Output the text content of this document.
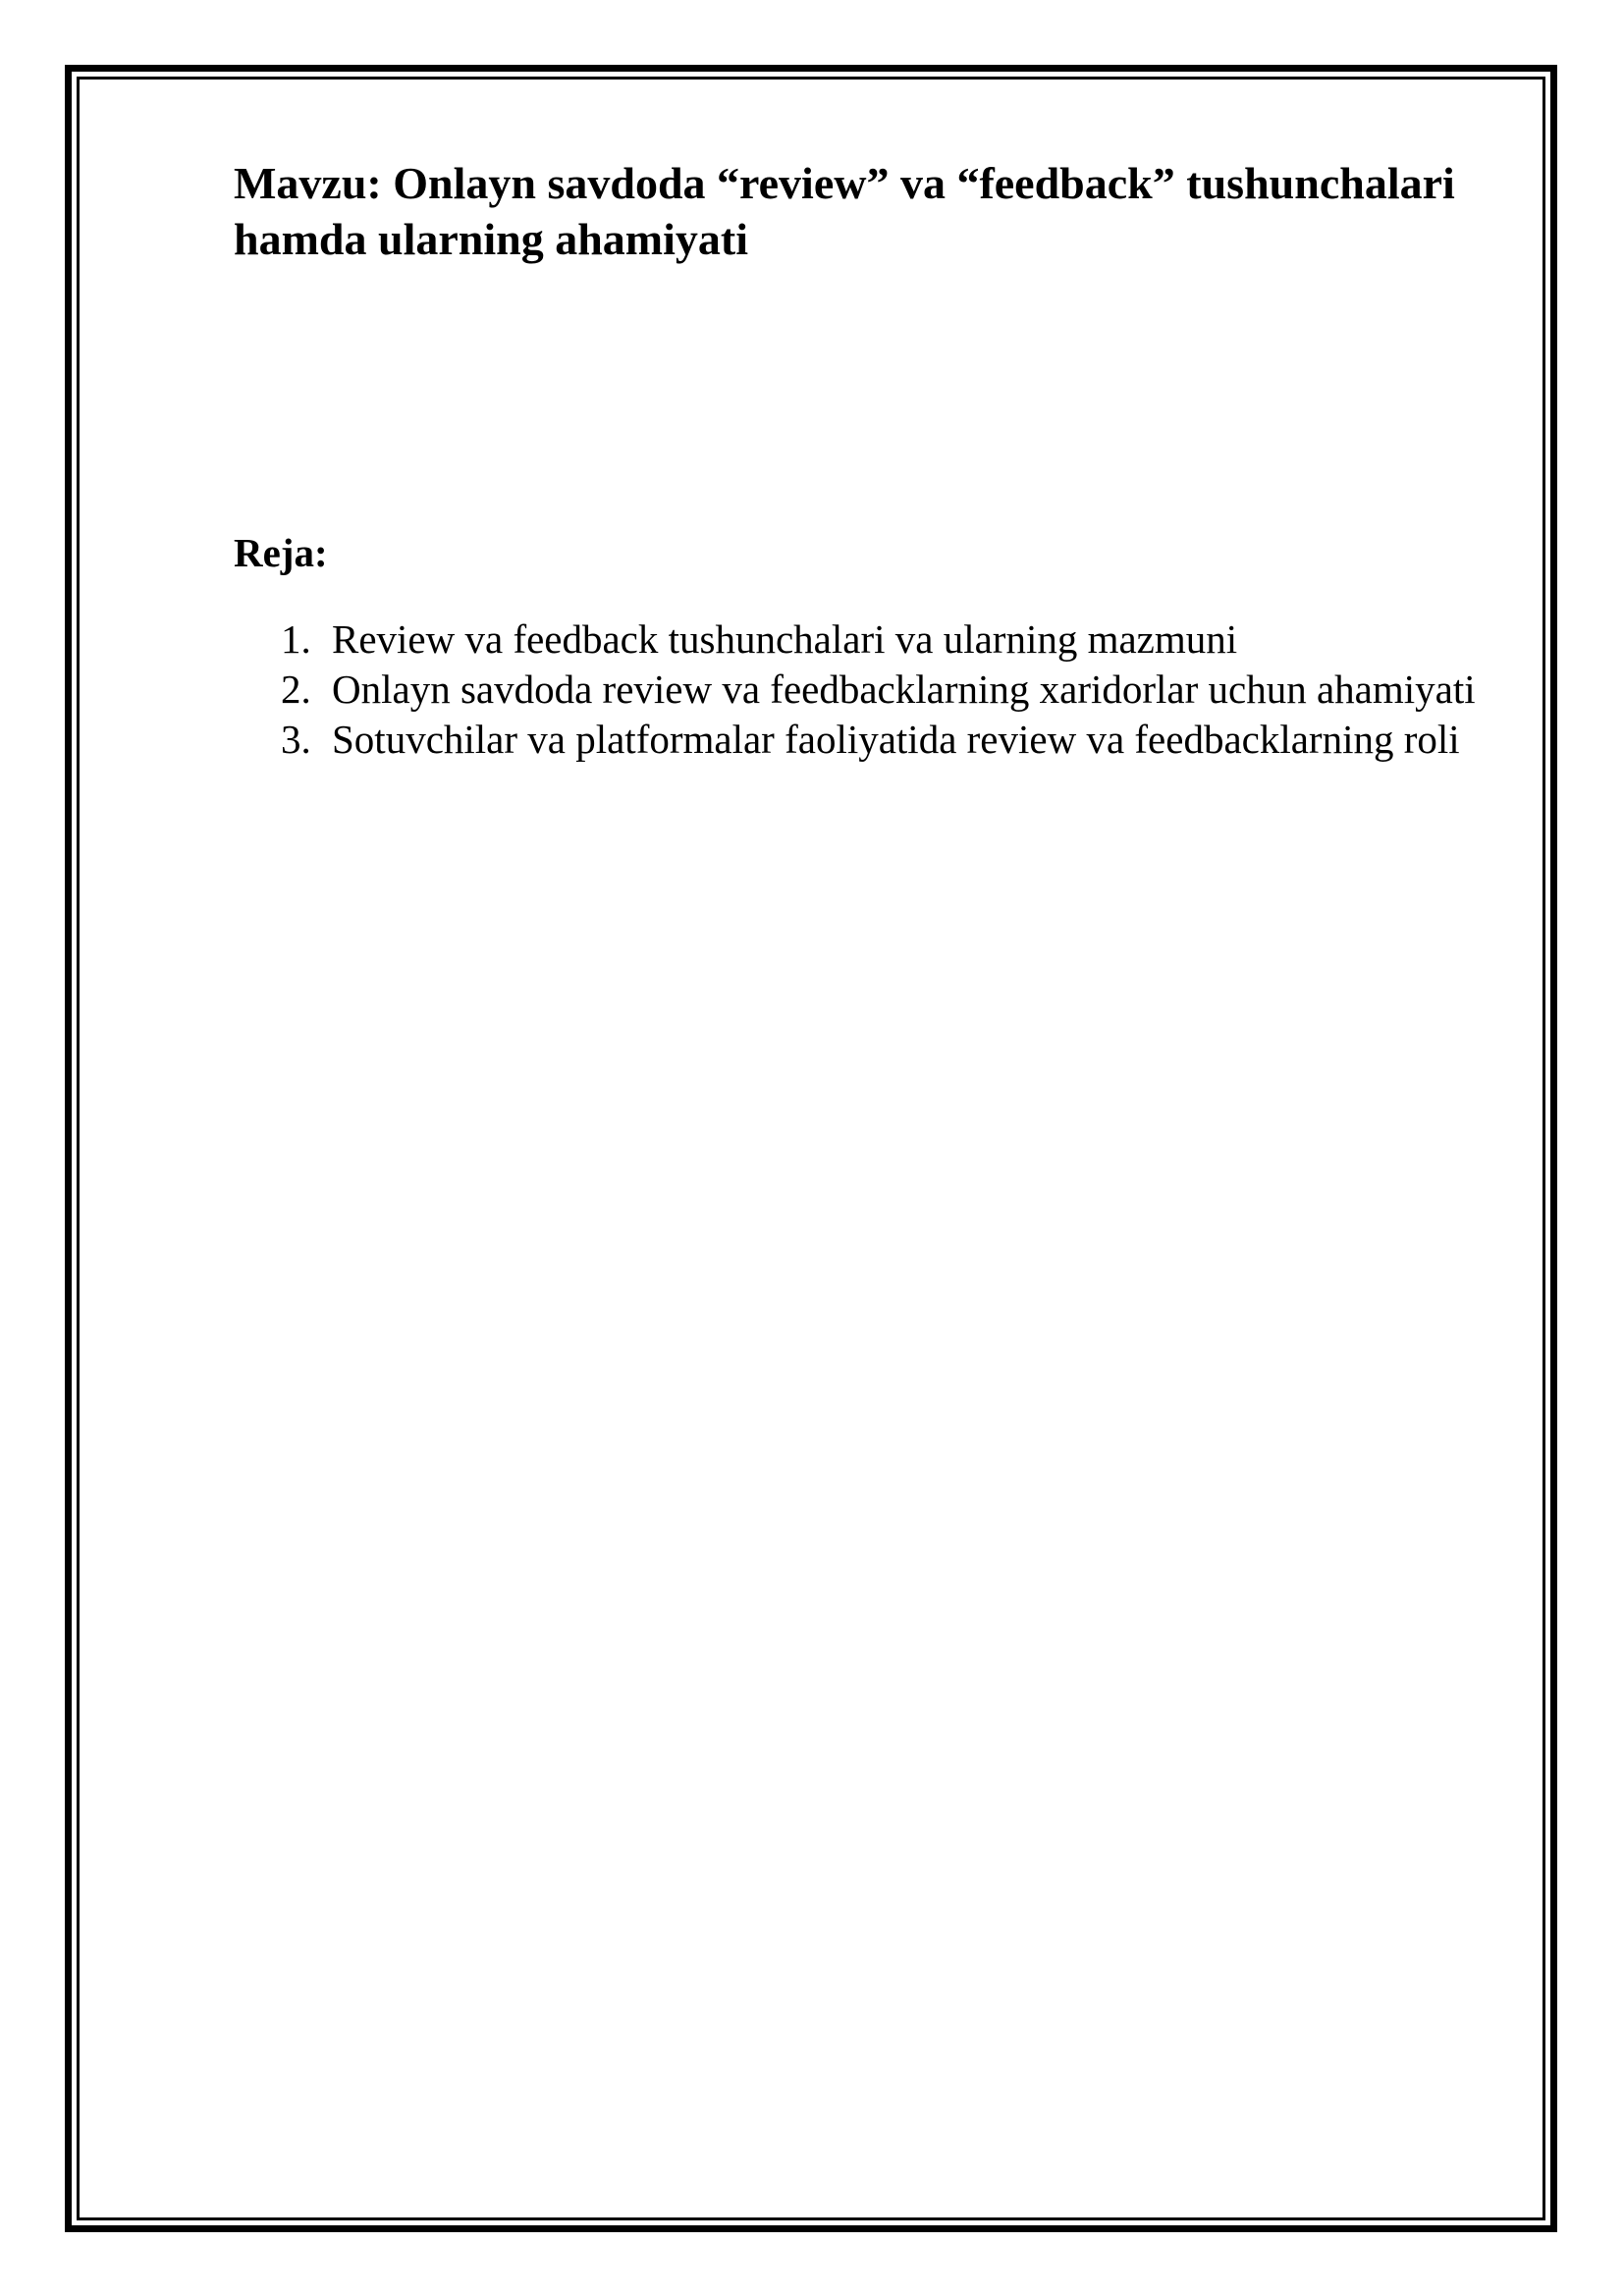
Mavzu: Onlayn savdoda “review” va “feedback” tushunchalari hamda ularning ahamiyati
Reja:
1. Review va feedback tushunchalari va ularning mazmuni
2. Onlayn savdoda review va feedbacklarning xaridorlar uchun ahamiyati
3. Sotuvchilar va platformalar faoliyatida review va feedbacklarning roli
